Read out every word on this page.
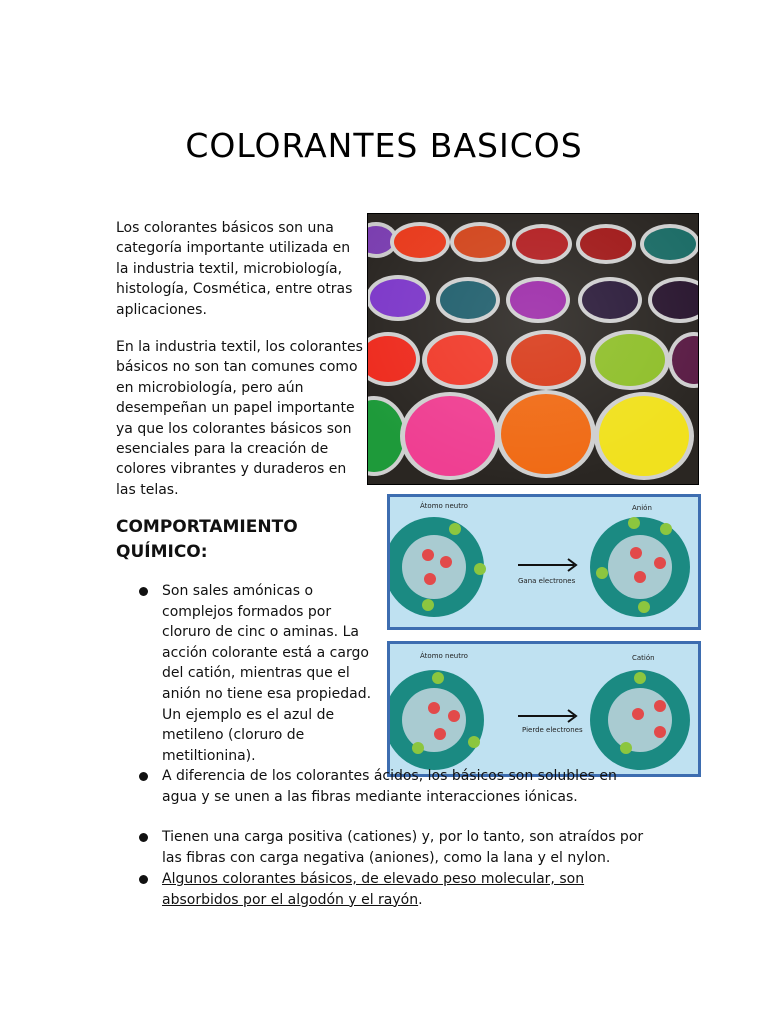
COLORANTES BASICOS

Los colorantes básicos son una categoría importante utilizada en la industria textil, microbiología, histología, Cosmética, entre otras aplicaciones.

En la industria textil, los colorantes básicos no son tan comunes como en microbiología, pero aún desempeñan un papel importante ya que los colorantes básicos son esenciales para la creación de colores vibrantes y duraderos en las telas.

COMPORTAMIENTO QUÍMICO:
Átomo neutro	Anión
Gana electrones
Átomo neutro	Catión
Pierde electrones
Son sales amónicas o complejos formados por cloruro de cinc o aminas. La acción colorante está a cargo del catión, mientras que el anión no tiene esa propiedad. Un ejemplo es el azul de metileno (cloruro de metiltionina).
A diferencia de los colorantes ácidos, los básicos son solubles en agua y se unen a las fibras mediante interacciones iónicas.
Tienen una carga positiva (cationes) y, por lo tanto, son atraídos por las fibras con carga negativa (aniones), como la lana y el nylon.
Algunos colorantes básicos, de elevado peso molecular, son absorbidos por el algodón y el rayón.
